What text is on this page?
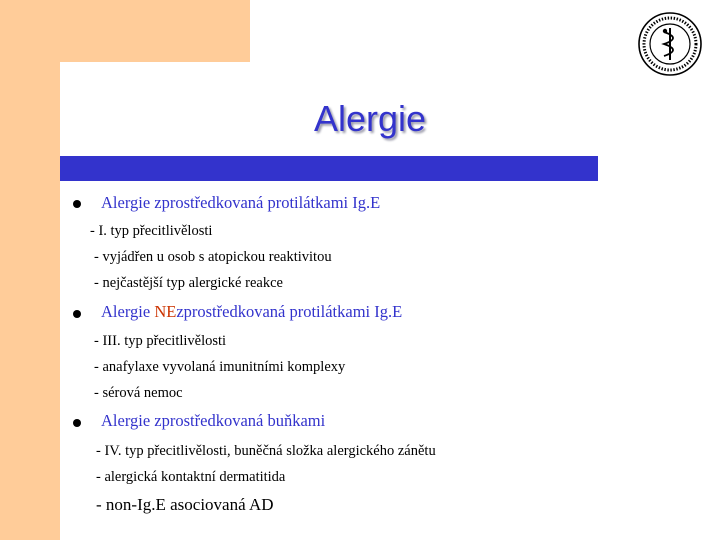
Alergie
Alergie zprostředkovaná protilátkami Ig.E
- I. typ přecitlivělosti
- vyjádřen u osob s atopickou reaktivitou
- nejčastější typ alergické reakce
Alergie NEzprostředkovaná protilátkami Ig.E
- III. typ přecitlivělosti
- anafylaxe vyvolaná imunitními komplexy
- sérová nemoc
Alergie zprostředkovaná buňkami
- IV. typ přecitlivělosti, buněčná složka alergického zánětu
- alergická kontaktní dermatitida
- non-Ig.E asociovaná AD
